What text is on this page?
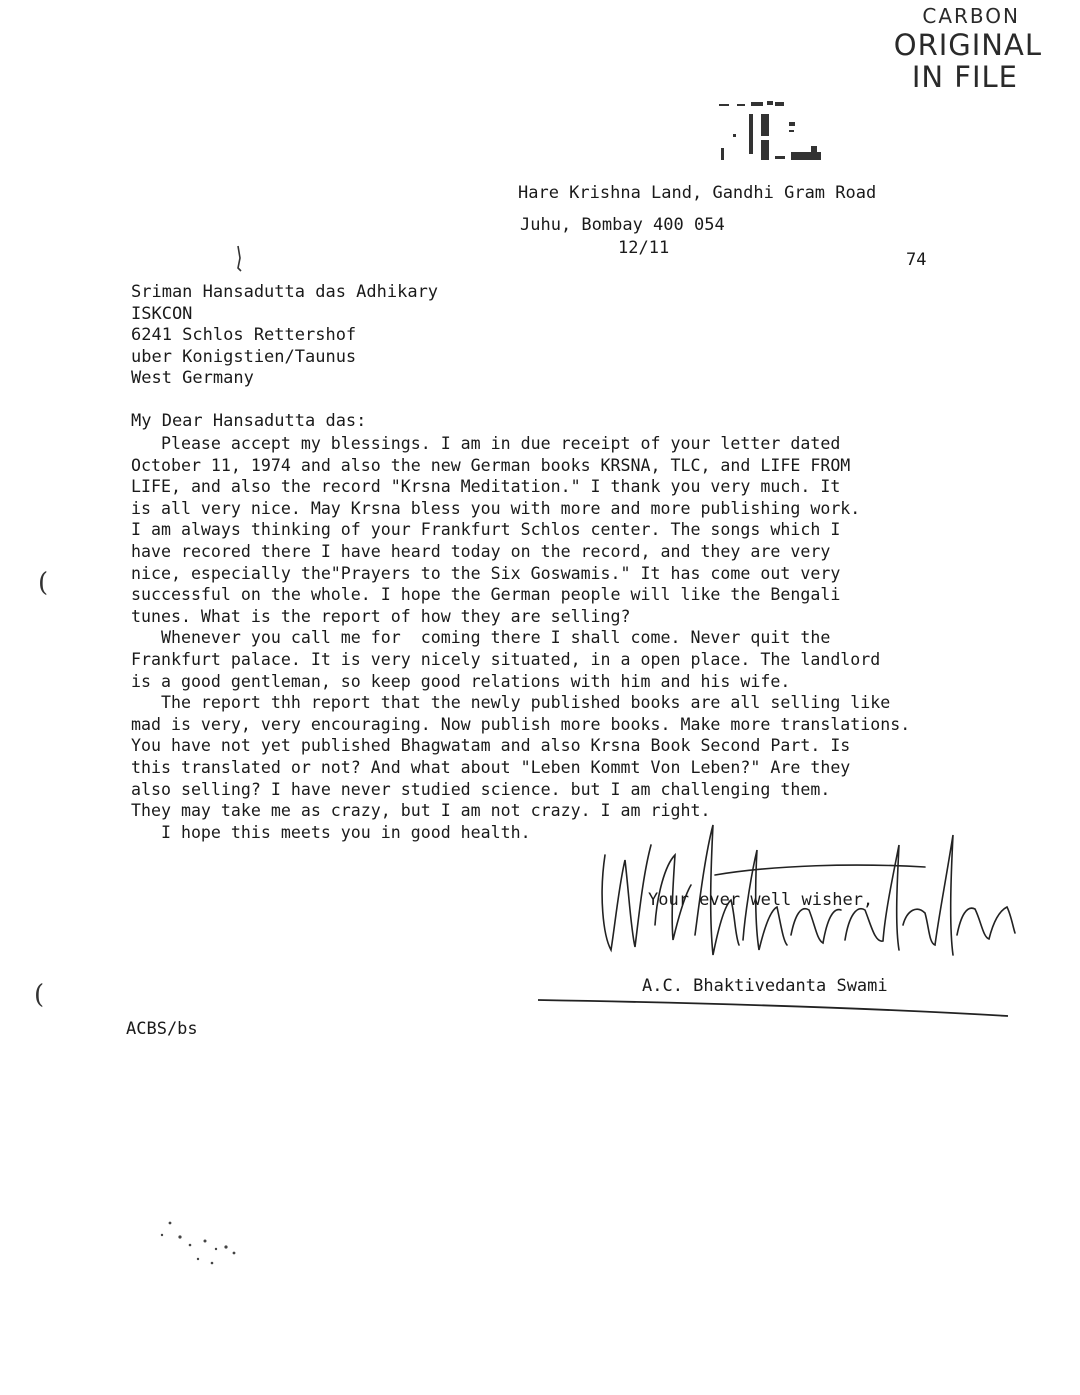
CARBON
ORIGINAL
IN FILE
Hare Krishna Land, Gandhi Gram Road
Juhu, Bombay 400 054
12/11
74
Sriman Hansadutta das Adhikary
ISKCON
6241 Schlos Rettershof
uber Konigstien/Taunus
West Germany
My Dear Hansadutta das:
Please accept my blessings. I am in due receipt of your letter dated
October 11, 1974 and also the new German books KRSNA, TLC, and LIFE FROM
LIFE, and also the record "Krsna Meditation." I thank you very much. It
is all very nice. May Krsna bless you with more and more publishing work.
I am always thinking of your Frankfurt Schlos center. The songs which I
have recored there I have heard today on the record, and they are very
nice, especially the"Prayers to the Six Goswamis." It has come out very
successful on the whole. I hope the German people will like the Bengali
tunes. What is the report of how they are selling?
Whenever you call me for  coming there I shall come. Never quit the
Frankfurt palace. It is very nicely situated, in a open place. The landlord
is a good gentleman, so keep good relations with him and his wife.
The report thh report that the newly published books are all selling like
mad is very, very encouraging. Now publish more books. Make more translations.
You have not yet published Bhagwatam and also Krsna Book Second Part. Is
this translated or not? And what about "Leben Kommt Von Leben?" Are they
also selling? I have never studied science. but I am challenging them.
They may take me as crazy, but I am not crazy. I am right.
I hope this meets you in good health.
Your ever well wisher,
A.C. Bhaktivedanta Swami
ACBS/bs
(
(
